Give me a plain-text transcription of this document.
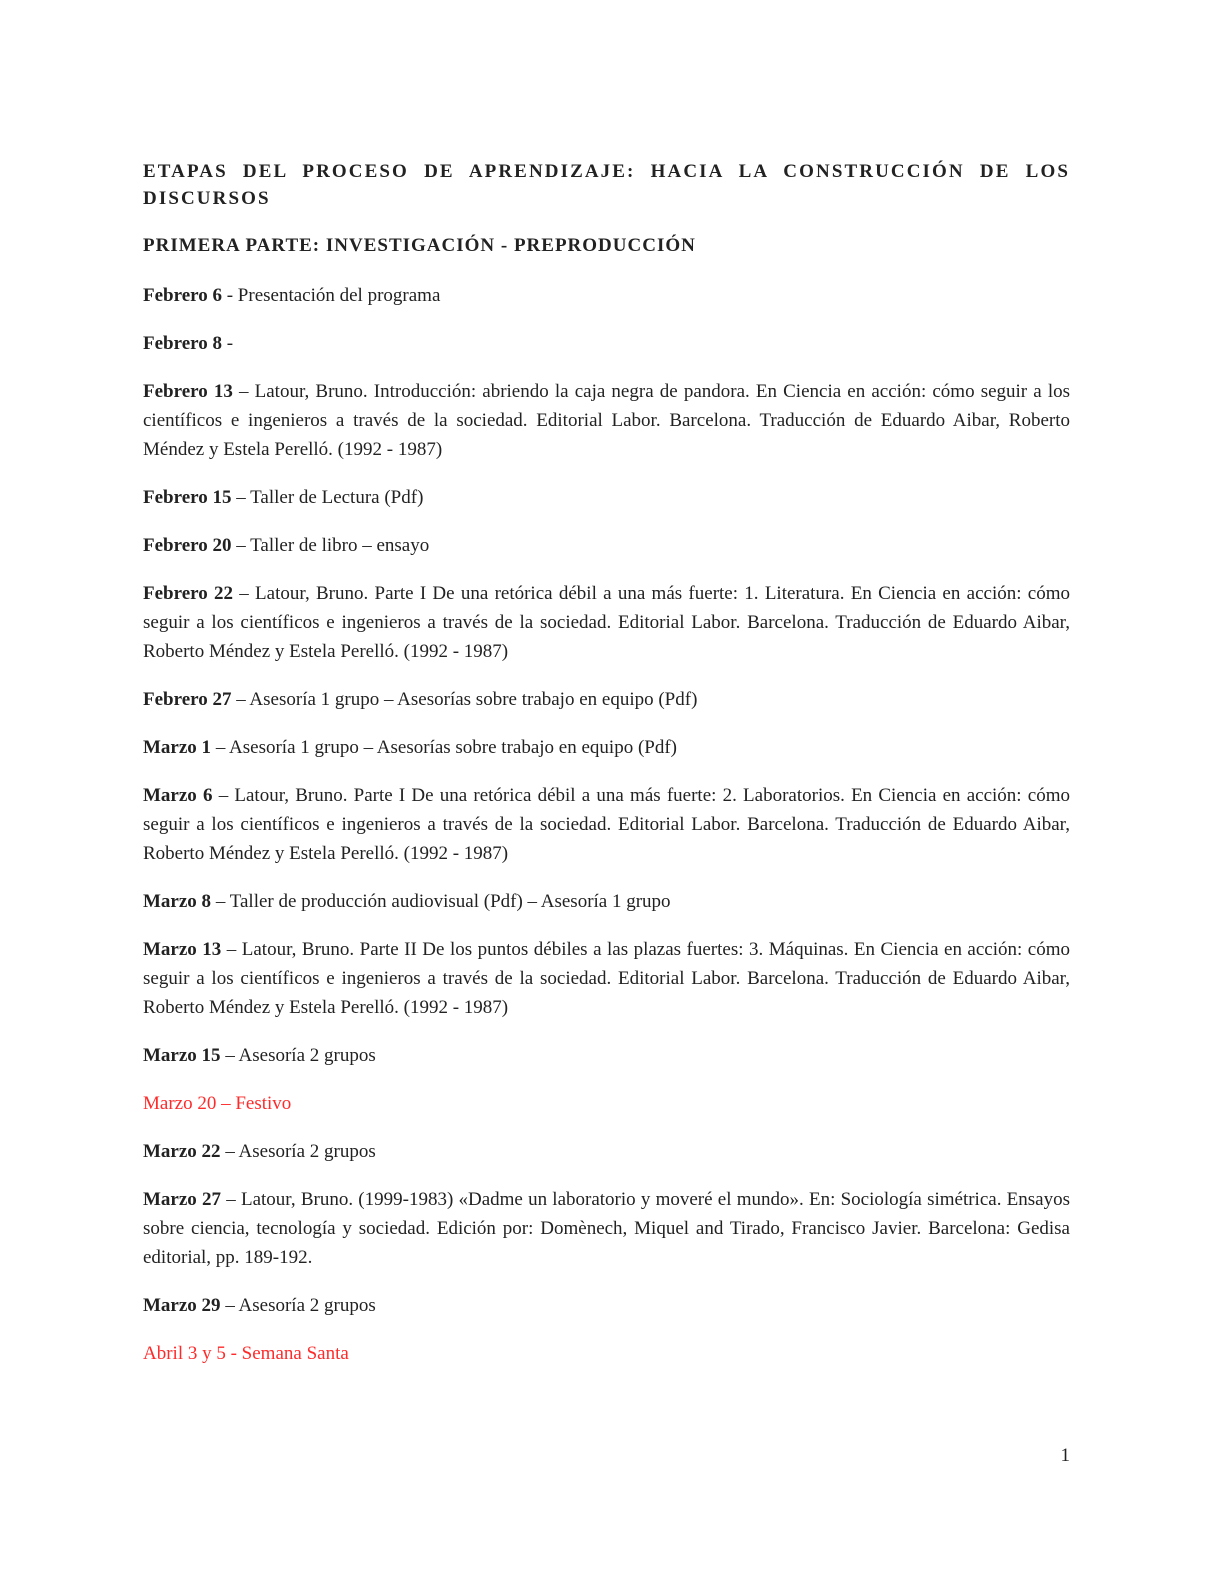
ETAPAS DEL PROCESO DE APRENDIZAJE: HACIA LA CONSTRUCCIÓN DE LOS DISCURSOS

PRIMERA PARTE: INVESTIGACIÓN - PREPRODUCCIÓN

Febrero 6 - Presentación del programa

Febrero 8 -

Febrero 13 – Latour, Bruno. Introducción: abriendo la caja negra de pandora. En Ciencia en acción: cómo seguir a los científicos e ingenieros a través de la sociedad. Editorial Labor. Barcelona. Traducción de Eduardo Aibar, Roberto Méndez y Estela Perelló. (1992 - 1987)

Febrero 15 – Taller de Lectura (Pdf)

Febrero 20 – Taller de libro – ensayo

Febrero 22 – Latour, Bruno. Parte I De una retórica débil a una más fuerte: 1. Literatura. En Ciencia en acción: cómo seguir a los científicos e ingenieros a través de la sociedad. Editorial Labor. Barcelona. Traducción de Eduardo Aibar, Roberto Méndez y Estela Perelló. (1992 - 1987)

Febrero 27 – Asesoría 1 grupo – Asesorías sobre trabajo en equipo (Pdf)

Marzo 1 – Asesoría 1 grupo – Asesorías sobre trabajo en equipo (Pdf)

Marzo 6 – Latour, Bruno. Parte I De una retórica débil a una más fuerte: 2. Laboratorios. En Ciencia en acción: cómo seguir a los científicos e ingenieros a través de la sociedad. Editorial Labor. Barcelona. Traducción de Eduardo Aibar, Roberto Méndez y Estela Perelló. (1992 - 1987)

Marzo 8 – Taller de producción audiovisual (Pdf) – Asesoría 1 grupo

Marzo 13 – Latour, Bruno. Parte II De los puntos débiles a las plazas fuertes: 3. Máquinas. En Ciencia en acción: cómo seguir a los científicos e ingenieros a través de la sociedad. Editorial Labor. Barcelona. Traducción de Eduardo Aibar, Roberto Méndez y Estela Perelló. (1992 - 1987)

Marzo 15 – Asesoría 2 grupos

Marzo 20 – Festivo

Marzo 22 – Asesoría 2 grupos

Marzo 27 – Latour, Bruno. (1999-1983) «Dadme un laboratorio y moveré el mundo». En: Sociología simétrica. Ensayos sobre ciencia, tecnología y sociedad. Edición por: Domènech, Miquel and Tirado, Francisco Javier. Barcelona: Gedisa editorial, pp. 189-192.

Marzo 29 – Asesoría 2 grupos

Abril 3 y 5 - Semana Santa

1
